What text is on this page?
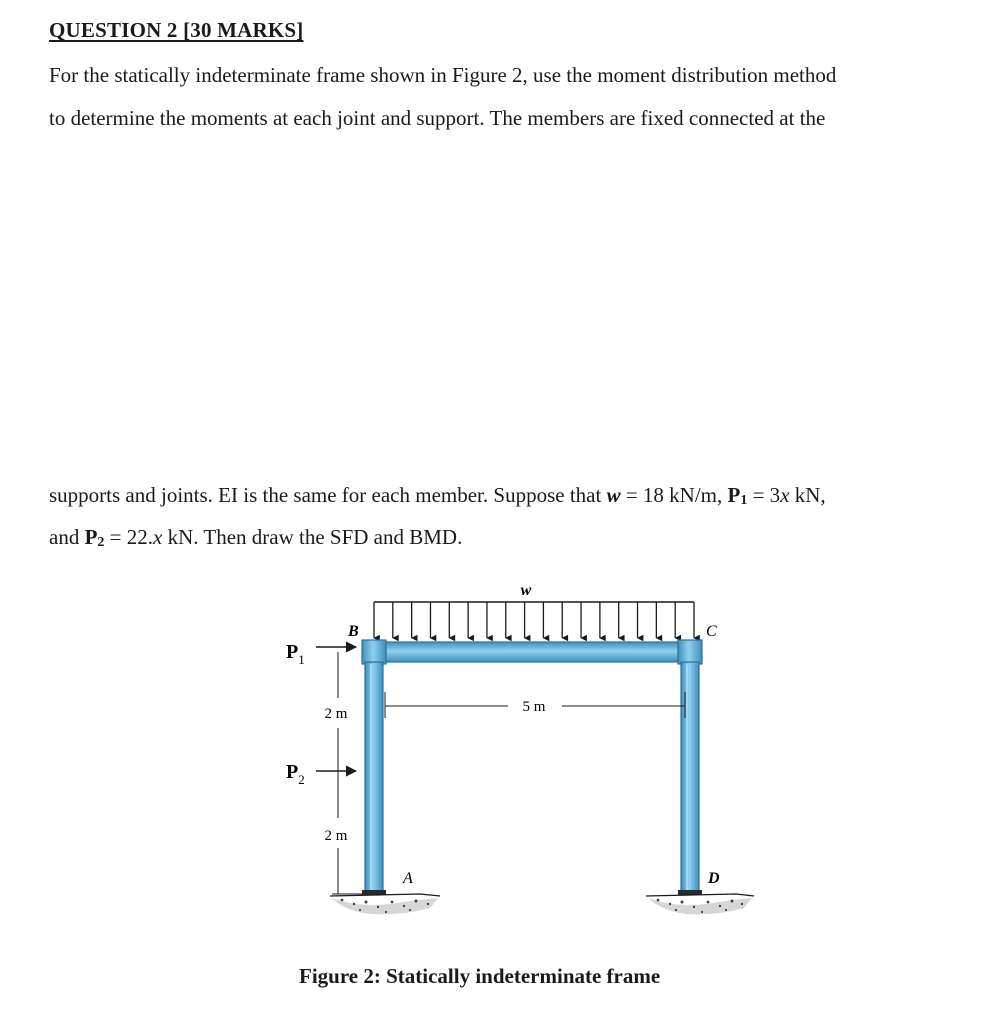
QUESTION 2 [30 MARKS]
For the statically indeterminate frame shown in Figure 2, use the moment distribution method
to determine the moments at each joint and support. The members are fixed connected at the
supports and joints. EI is the same for each member. Suppose that w = 18 kN/m, P1 = 3x kN,
and P2 = 22.x kN. Then draw the SFD and BMD.
w
B	C
A	D
$P_1$
$P_2$
2 m
2 m
5 m
Figure 2: Statically indeterminate frame
